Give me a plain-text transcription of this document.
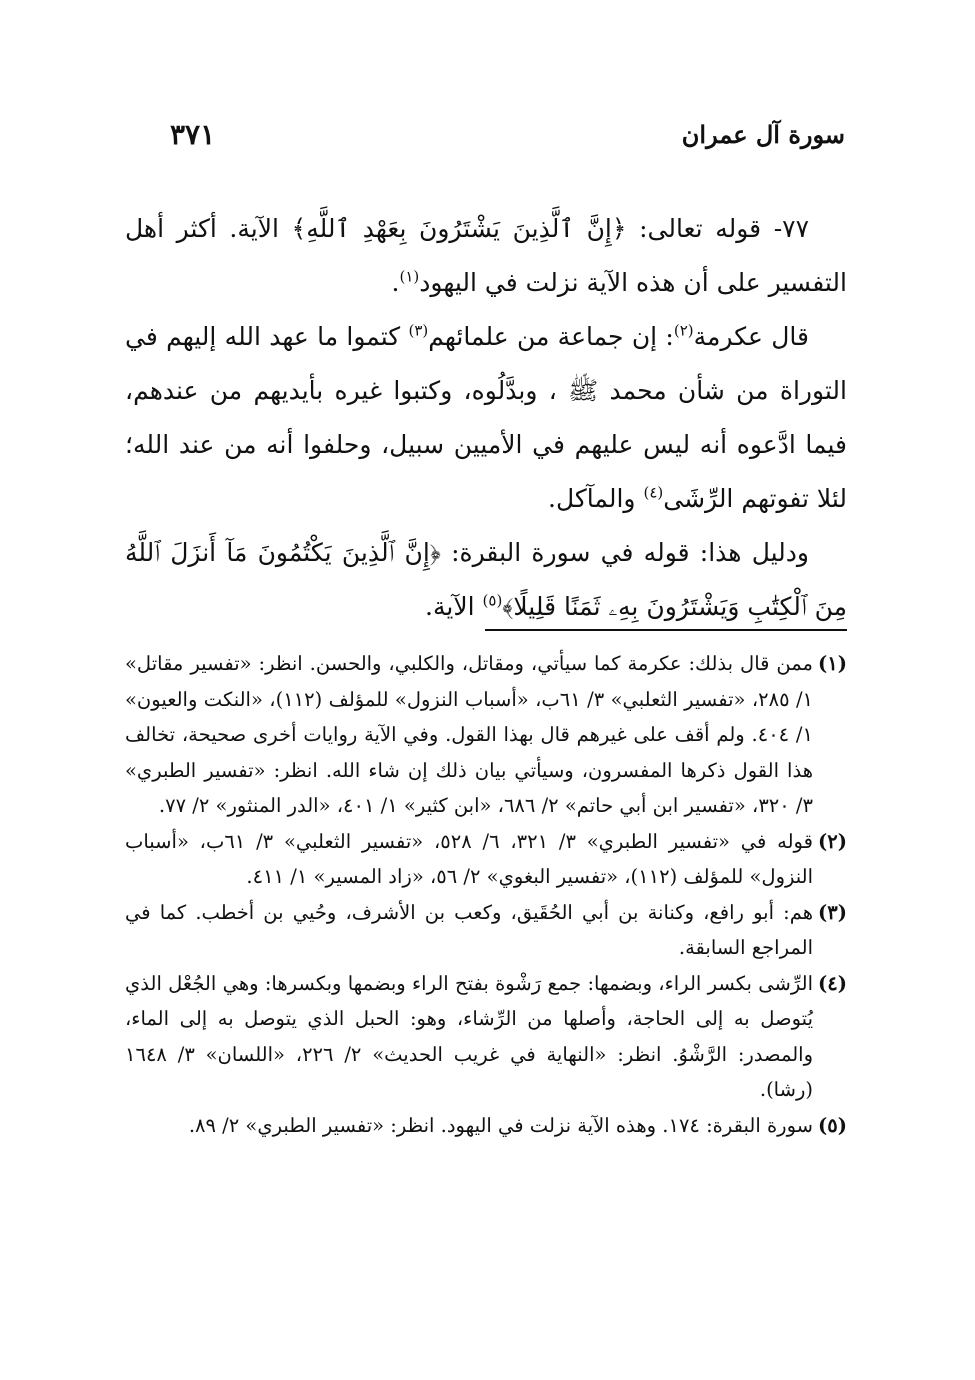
سورة آل عمران
٣٧١

٧٧- قوله تعالى: ﴿إِنَّ ٱلَّذِينَ يَشْتَرُونَ بِعَهْدِ ٱللَّهِ﴾ الآية. أكثر أهل التفسير على أن هذه الآية نزلت في اليهود$^{(١)}$.

قال عكرمة$^{(٢)}$: إن جماعة من علمائهم$^{(٣)}$ كتموا ما عهد الله إليهم في التوراة من شأن محمد ﷺ ، وبدَّلُوه، وكتبوا غيره بأيديهم من عندهم، فيما ادَّعوه أنه ليس عليهم في الأميين سبيل، وحلفوا أنه من عند الله؛ لئلا تفوتهم الرِّشَى$^{(٤)}$ والمآكل.

ودليل هذا: قوله في سورة البقرة: ﴿إِنَّ ٱلَّذِينَ يَكْتُمُونَ مَآ أَنزَلَ ٱللَّهُ مِنَ ٱلْكِتَٰبِ وَيَشْتَرُونَ بِهِۦ ثَمَنًا قَلِيلًا﴾$^{(٥)}$ الآية.

(١)
ممن قال بذلك: عكرمة كما سيأتي، ومقاتل، والكلبي، والحسن. انظر: «تفسير مقاتل» ١/ ٢٨٥، «تفسير الثعلبي» ٣/ ٦١ب، «أسباب النزول» للمؤلف (١١٢)، «النكت والعيون» ١/ ٤٠٤. ولم أقف على غيرهم قال بهذا القول. وفي الآية روايات أخرى صحيحة، تخالف هذا القول ذكرها المفسرون، وسيأتي بيان ذلك إن شاء الله. انظر: «تفسير الطبري» ٣/ ٣٢٠، «تفسير ابن أبي حاتم» ٢/ ٦٨٦، «ابن كثير» ١/ ٤٠١، «الدر المنثور» ٢/ ٧٧.
(٢)
قوله في «تفسير الطبري» ٣/ ٣٢١، ٦/ ٥٢٨، «تفسير الثعلبي» ٣/ ٦١ب، «أسباب النزول» للمؤلف (١١٢)، «تفسير البغوي» ٢/ ٥٦، «زاد المسير» ١/ ٤١١.
(٣)
هم: أبو رافع، وكنانة بن أبي الحُقَيق، وكعب بن الأشرف، وحُيي بن أخطب. كما في المراجع السابقة.
(٤)
الرِّشى بكسر الراء، وبضمها: جمع رَشْوة بفتح الراء وبضمها وبكسرها: وهي الجُعْل الذي يُتوصل به إلى الحاجة، وأصلها من الرِّشاء، وهو: الحبل الذي يتوصل به إلى الماء، والمصدر: الرَّشْوُ. انظر: «النهاية في غريب الحديث» ٢/ ٢٢٦، «اللسان» ٣/ ١٦٤٨ (رشا).
(٥)
سورة البقرة: ١٧٤. وهذه الآية نزلت في اليهود. انظر: «تفسير الطبري» ٢/ ٨٩.
